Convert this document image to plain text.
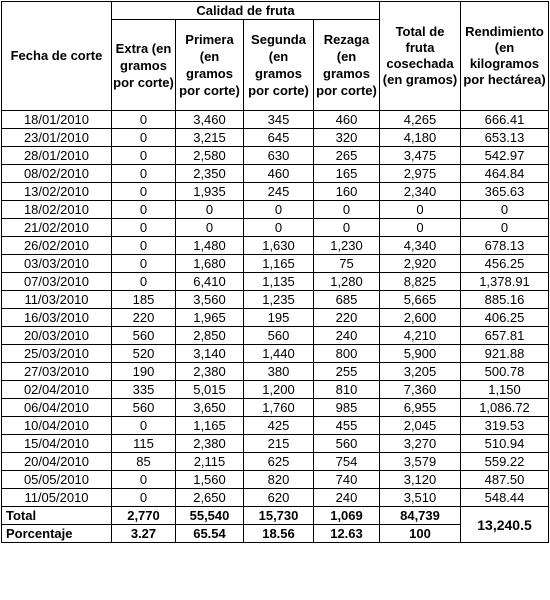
Fecha de corte	Calidad de fruta				Total de fruta cosechada (en gramos)	Rendimiento (en kilogramos por hectárea)
	Extra (en gramos por corte)	Primera (en gramos por corte)	Segunda (en gramos por corte)	Rezaga (en gramos por corte)		
18/01/2010	0	3,460	345	460	4,265	666.41
23/01/2010	0	3,215	645	320	4,180	653.13
28/01/2010	0	2,580	630	265	3,475	542.97
08/02/2010	0	2,350	460	165	2,975	464.84
13/02/2010	0	1,935	245	160	2,340	365.63
18/02/2010	0	0	0	0	0	0
21/02/2010	0	0	0	0	0	0
26/02/2010	0	1,480	1,630	1,230	4,340	678.13
03/03/2010	0	1,680	1,165	75	2,920	456.25
07/03/2010	0	6,410	1,135	1,280	8,825	1,378.91
11/03/2010	185	3,560	1,235	685	5,665	885.16
16/03/2010	220	1,965	195	220	2,600	406.25
20/03/2010	560	2,850	560	240	4,210	657.81
25/03/2010	520	3,140	1,440	800	5,900	921.88
27/03/2010	190	2,380	380	255	3,205	500.78
02/04/2010	335	5,015	1,200	810	7,360	1,150
06/04/2010	560	3,650	1,760	985	6,955	1,086.72
10/04/2010	0	1,165	425	455	2,045	319.53
15/04/2010	115	2,380	215	560	3,270	510.94
20/04/2010	85	2,115	625	754	3,579	559.22
05/05/2010	0	1,560	820	740	3,120	487.50
11/05/2010	0	2,650	620	240	3,510	548.44
Total	2,770	55,540	15,730	1,069	84,739	13,240.5
Porcentaje	3.27	65.54	18.56	12.63	100	
